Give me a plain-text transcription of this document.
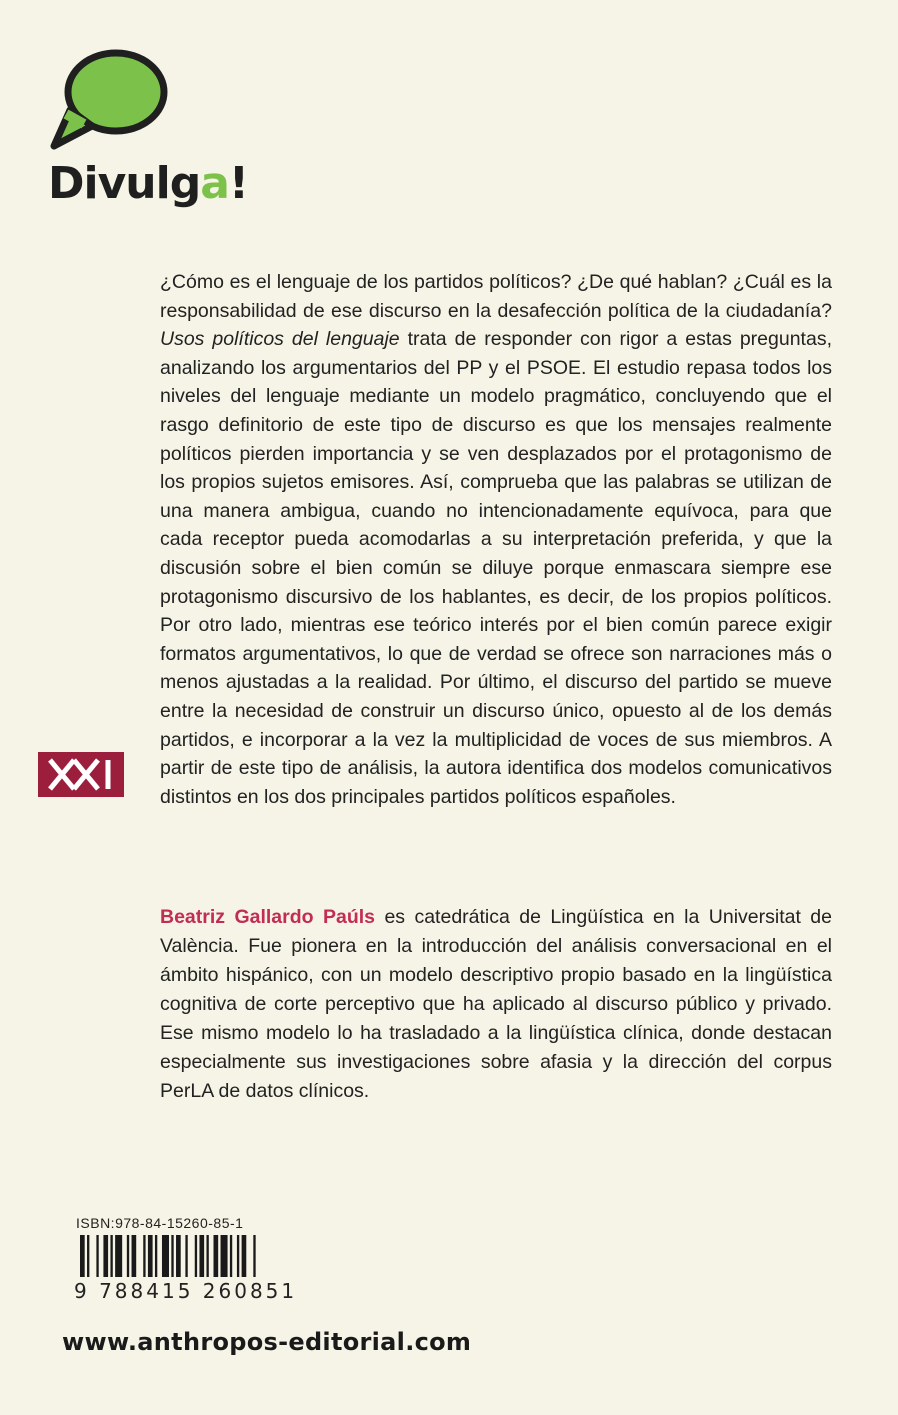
Divulga!

¿Cómo es el lenguaje de los partidos políticos? ¿De qué hablan? ¿Cuál es la responsabilidad de ese discurso en la desafección política de la ciudadanía? Usos políticos del lenguaje trata de responder con rigor a estas preguntas, analizando los argumentarios del PP y el PSOE. El estudio repasa todos los niveles del lenguaje mediante un modelo pragmático, concluyendo que el rasgo definitorio de este tipo de discurso es que los mensajes realmente políticos pierden importancia y se ven desplazados por el protagonismo de los propios sujetos emisores. Así, comprueba que las palabras se utilizan de una manera ambigua, cuando no intencionadamente equívoca, para que cada receptor pueda acomodarlas a su interpretación preferida, y que la discusión sobre el bien común se diluye porque enmascara siempre ese protagonismo discursivo de los hablantes, es decir, de los propios políticos. Por otro lado, mientras ese teórico interés por el bien común parece exigir formatos argumentativos, lo que de verdad se ofrece son narraciones más o menos ajustadas a la realidad. Por último, el discurso del partido se mueve entre la necesidad de construir un discurso único, opuesto al de los demás partidos, e incorporar a la vez la multiplicidad de voces de sus miembros. A partir de este tipo de análisis, la autora identifica dos modelos comunicativos distintos en los dos principales partidos políticos españoles.

Beatriz Gallardo Paúls es catedrática de Lingüística en la Universitat de València. Fue pionera en la introducción del análisis conversacional en el ámbito hispánico, con un modelo descriptivo propio basado en la lingüística cognitiva de corte perceptivo que ha aplicado al discurso público y privado. Ese mismo modelo lo ha trasladado a la lingüística clínica, donde destacan especialmente sus investigaciones sobre afasia y la dirección del corpus PerLA de datos clínicos.

ISBN:978-84-15260-85-1
9 788415 260851
www.anthropos-editorial.com
